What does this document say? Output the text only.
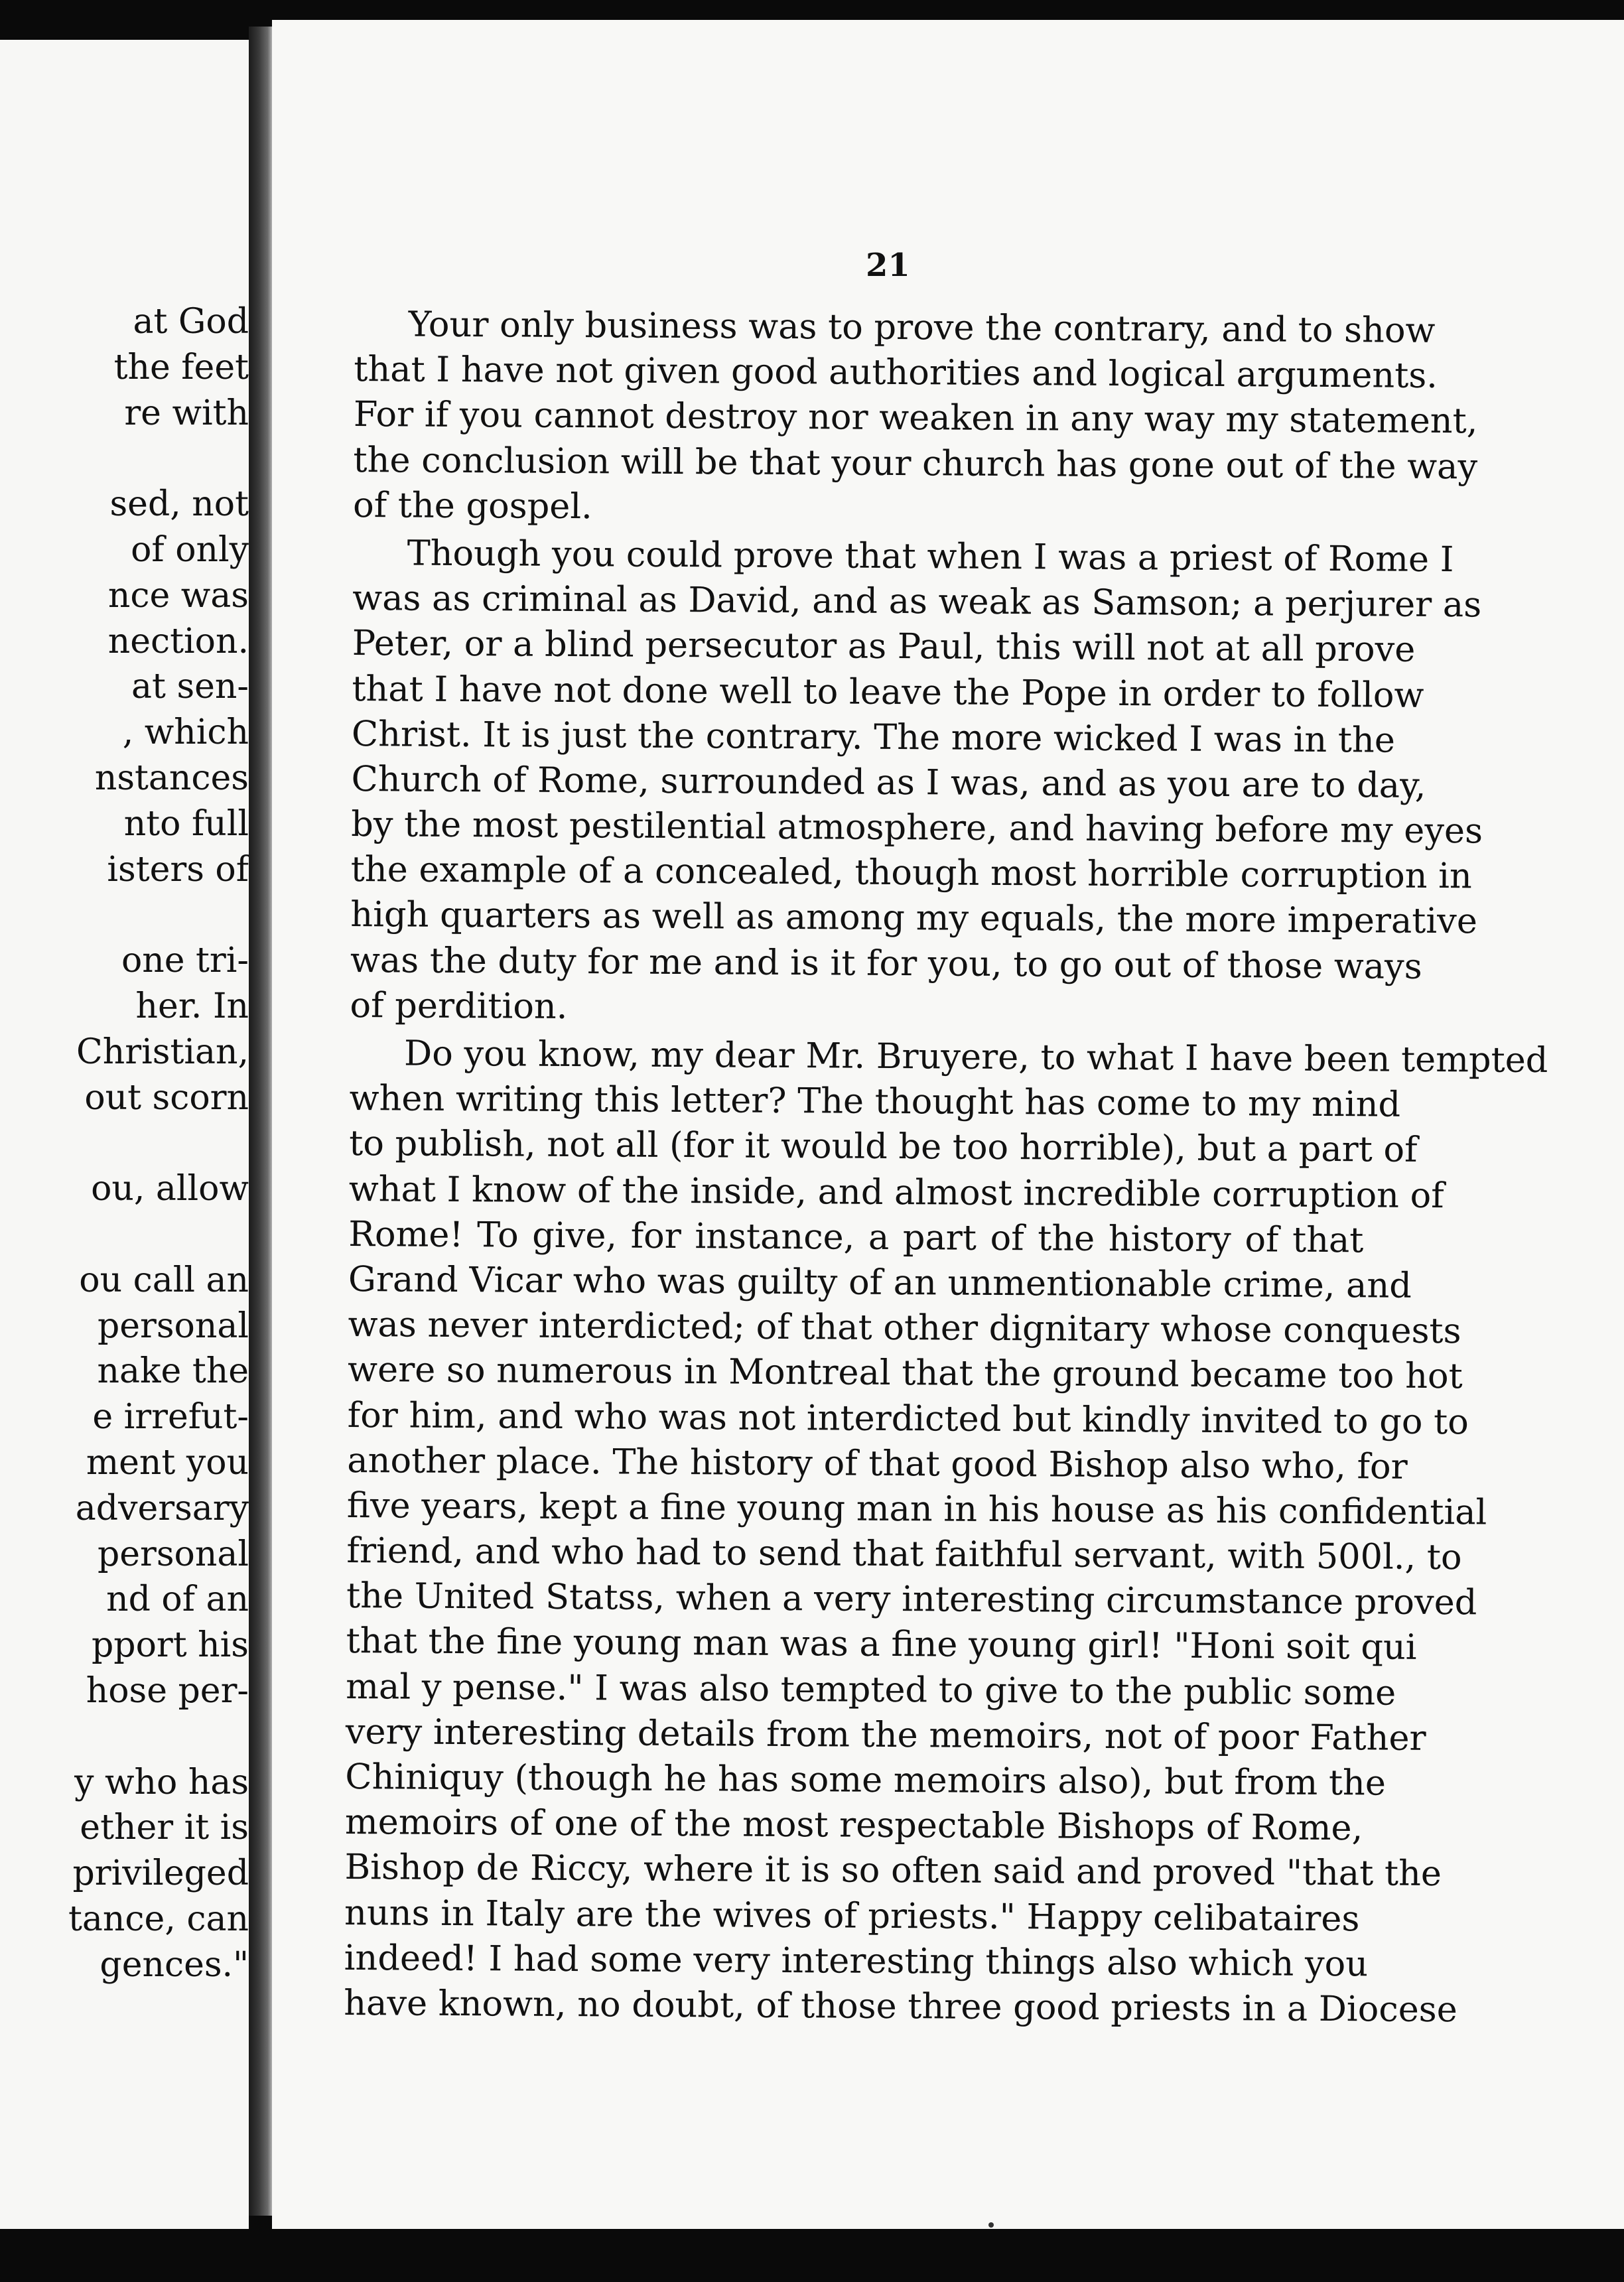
at God
the feet
re with
sed, not
of only
nce was
nection.
at sen-
, which
nstances
nto full
isters of
one tri-
her. In
Christian,
out scorn
ou, allow
ou call an
personal
nake the
e irrefut-
ment you
adversary
personal
nd of an
pport his
hose per-
y who has
ether it is
privileged
tance, can
gences."
21
Your only business was to prove the contrary, and to show
that I have not given good authorities and logical arguments.
For if you cannot destroy nor weaken in any way my statement,
the conclusion will be that your church has gone out of the way
of the gospel.
Though you could prove that when I was a priest of Rome I
was as criminal as David, and as weak as Samson; a perjurer as
Peter, or a blind persecutor as Paul, this will not at all prove
that I have not done well to leave the Pope in order to follow
Christ. It is just the contrary. The more wicked I was in the
Church of Rome, surrounded as I was, and as you are to day,
by the most pestilential atmosphere, and having before my eyes
the example of a concealed, though most horrible corruption in
high quarters as well as among my equals, the more imperative
was the duty for me and is it for you, to go out of those ways
of perdition.
Do you know, my dear Mr. Bruyere, to what I have been tempted
when writing this letter? The thought has come to my mind
to publish, not all (for it would be too horrible), but a part of
what I know of the inside, and almost incredible corruption of
Rome! To give, for instance, a part of the history of that
Grand Vicar who was guilty of an unmentionable crime, and
was never interdicted; of that other dignitary whose conquests
were so numerous in Montreal that the ground became too hot
for him, and who was not interdicted but kindly invited to go to
another place. The history of that good Bishop also who, for
five years, kept a fine young man in his house as his confidential
friend, and who had to send that faithful servant, with 500l., to
the United Statss, when a very interesting circumstance proved
that the fine young man was a fine young girl! "Honi soit qui
mal y pense." I was also tempted to give to the public some
very interesting details from the memoirs, not of poor Father
Chiniquy (though he has some memoirs also), but from the
memoirs of one of the most respectable Bishops of Rome,
Bishop de Riccy, where it is so often said and proved "that the
nuns in Italy are the wives of priests." Happy celibataires
indeed! I had some very interesting things also which you
have known, no doubt, of those three good priests in a Diocese
